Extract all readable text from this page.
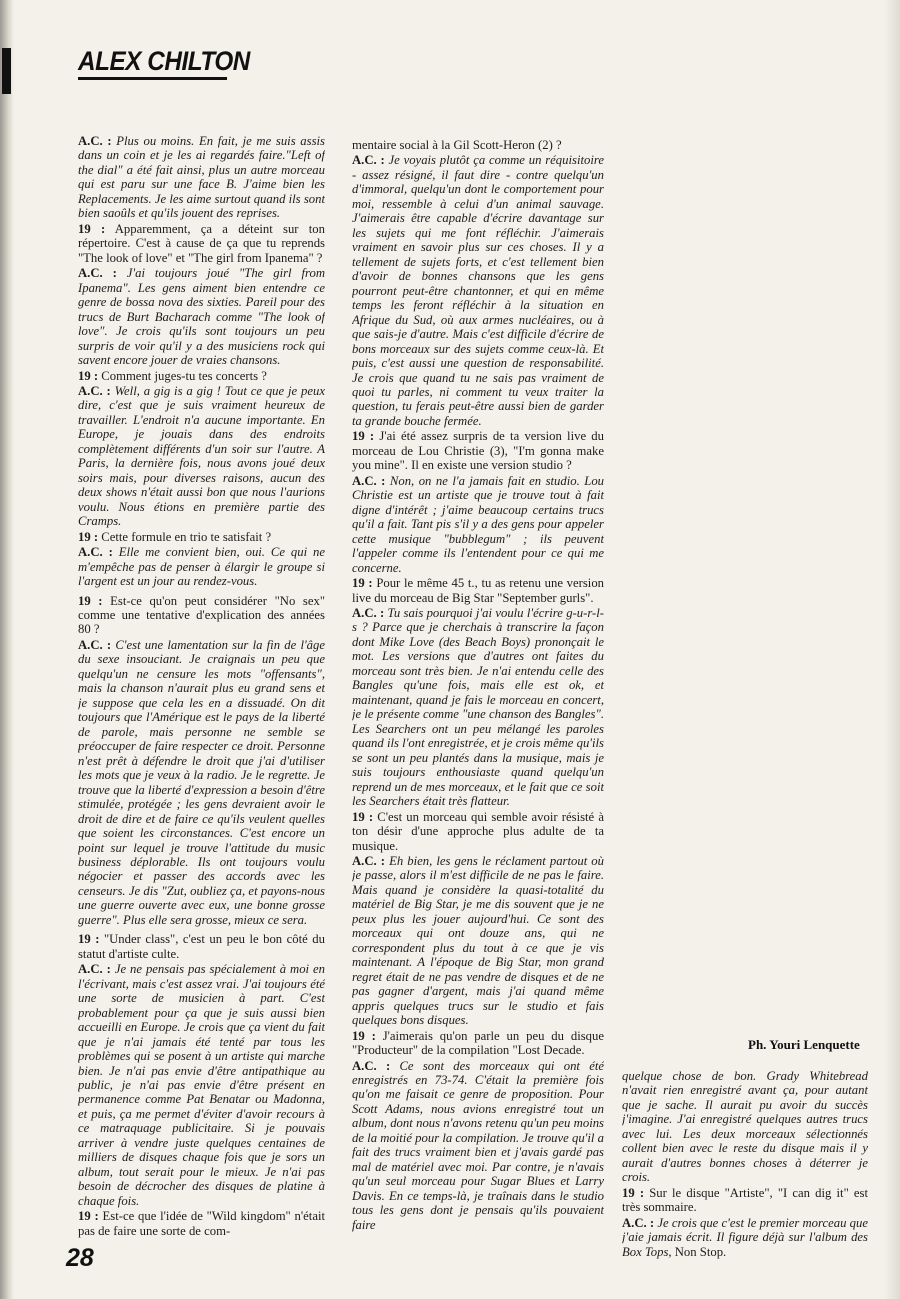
ALEX CHILTON

A.C. : Plus ou moins. En fait, je me suis assis dans un coin et je les ai regardés faire."Left of the dial" a été fait ainsi, plus un autre morceau qui est paru sur une face B. J'aime bien les Replacements. Je les aime surtout quand ils sont bien saoûls et qu'ils jouent des reprises.

19 : Apparemment, ça a déteint sur ton répertoire. C'est à cause de ça que tu reprends "The look of love" et "The girl from Ipanema" ?

A.C. : J'ai toujours joué "The girl from Ipanema". Les gens aiment bien entendre ce genre de bossa nova des sixties. Pareil pour des trucs de Burt Bacharach comme "The look of love". Je crois qu'ils sont toujours un peu surpris de voir qu'il y a des musiciens rock qui savent encore jouer de vraies chansons.

19 : Comment juges-tu tes concerts ?

A.C. : Well, a gig is a gig ! Tout ce que je peux dire, c'est que je suis vraiment heureux de travailler. L'endroit n'a aucune importante. En Europe, je jouais dans des endroits complètement différents d'un soir sur l'autre. A Paris, la dernière fois, nous avons joué deux soirs mais, pour diverses raisons, aucun des deux shows n'était aussi bon que nous l'aurions voulu. Nous étions en première partie des Cramps.

19 : Cette formule en trio te satisfait ?

A.C. : Elle me convient bien, oui. Ce qui ne m'empêche pas de penser à élargir le groupe si l'argent est un jour au rendez-vous.

19 : Est-ce qu'on peut considérer "No sex" comme une tentative d'explication des années 80 ?

A.C. : C'est une lamentation sur la fin de l'âge du sexe insouciant. Je craignais un peu que quelqu'un ne censure les mots "offensants", mais la chanson n'aurait plus eu grand sens et je suppose que cela les en a dissuadé. On dit toujours que l'Amérique est le pays de la liberté de parole, mais personne ne semble se préoccuper de faire respecter ce droit. Personne n'est prêt à défendre le droit que j'ai d'utiliser les mots que je veux à la radio. Je le regrette. Je trouve que la liberté d'expression a besoin d'être stimulée, protégée ; les gens devraient avoir le droit de dire et de faire ce qu'ils veulent quelles que soient les circonstances. C'est encore un point sur lequel je trouve l'attitude du music business déplorable. Ils ont toujours voulu négocier et passer des accords avec les censeurs. Je dis "Zut, oubliez ça, et payons-nous une guerre ouverte avec eux, une bonne grosse guerre". Plus elle sera grosse, mieux ce sera.

19 : "Under class", c'est un peu le bon côté du statut d'artiste culte.

A.C. : Je ne pensais pas spécialement à moi en l'écrivant, mais c'est assez vrai. J'ai toujours été une sorte de musicien à part. C'est probablement pour ça que je suis aussi bien accueilli en Europe. Je crois que ça vient du fait que je n'ai jamais été tenté par tous les problèmes qui se posent à un artiste qui marche bien. Je n'ai pas envie d'être antipathique au public, je n'ai pas envie d'être présent en permanence comme Pat Benatar ou Madonna, et puis, ça me permet d'éviter d'avoir recours à ce matraquage publicitaire. Si je pouvais arriver à vendre juste quelques centaines de milliers de disques chaque fois que je sors un album, tout serait pour le mieux. Je n'ai pas besoin de décrocher des disques de platine à chaque fois.

19 : Est-ce que l'idée de "Wild kingdom" n'était pas de faire une sorte de com-

mentaire social à la Gil Scott-Heron (2) ?

A.C. : Je voyais plutôt ça comme un réquisitoire - assez résigné, il faut dire - contre quelqu'un d'immoral, quelqu'un dont le comportement pour moi, ressemble à celui d'un animal sauvage. J'aimerais être capable d'écrire davantage sur les sujets qui me font réfléchir. J'aimerais vraiment en savoir plus sur ces choses. Il y a tellement de sujets forts, et c'est tellement bien d'avoir de bonnes chansons que les gens pourront peut-être chantonner, et qui en même temps les feront réfléchir à la situation en Afrique du Sud, où aux armes nucléaires, ou à que sais-je d'autre. Mais c'est difficile d'écrire de bons morceaux sur des sujets comme ceux-là. Et puis, c'est aussi une question de responsabilité. Je crois que quand tu ne sais pas vraiment de quoi tu parles, ni comment tu veux traiter la question, tu ferais peut-être aussi bien de garder ta grande bouche fermée.

19 : J'ai été assez surpris de ta version live du morceau de Lou Christie (3), "I'm gonna make you mine". Il en existe une version studio ?

A.C. : Non, on ne l'a jamais fait en studio. Lou Christie est un artiste que je trouve tout à fait digne d'intérêt ; j'aime beaucoup certains trucs qu'il a fait. Tant pis s'il y a des gens pour appeler cette musique "bubblegum" ; ils peuvent l'appeler comme ils l'entendent pour ce qui me concerne.

19 : Pour le même 45 t., tu as retenu une version live du morceau de Big Star "September gurls".

A.C. : Tu sais pourquoi j'ai voulu l'écrire g-u-r-l-s ? Parce que je cherchais à transcrire la façon dont Mike Love (des Beach Boys) prononçait le mot. Les versions que d'autres ont faites du morceau sont très bien. Je n'ai entendu celle des Bangles qu'une fois, mais elle est ok, et maintenant, quand je fais le morceau en concert, je le présente comme "une chanson des Bangles". Les Searchers ont un peu mélangé les paroles quand ils l'ont enregistrée, et je crois même qu'ils se sont un peu plantés dans la musique, mais je suis toujours enthousiaste quand quelqu'un reprend un de mes morceaux, et le fait que ce soit les Searchers était très flatteur.

19 : C'est un morceau qui semble avoir résisté à ton désir d'une approche plus adulte de ta musique.

A.C. : Eh bien, les gens le réclament partout où je passe, alors il m'est difficile de ne pas le faire. Mais quand je considère la quasi-totalité du matériel de Big Star, je me dis souvent que je ne peux plus les jouer aujourd'hui. Ce sont des morceaux qui ont douze ans, qui ne correspondent plus du tout à ce que je vis maintenant. A l'époque de Big Star, mon grand regret était de ne pas vendre de disques et de ne pas gagner d'argent, mais j'ai quand même appris quelques trucs sur le studio et fais quelques bons disques.

19 : J'aimerais qu'on parle un peu du disque "Producteur" de la compilation "Lost Decade.

A.C. : Ce sont des morceaux qui ont été enregistrés en 73-74. C'était la première fois qu'on me faisait ce genre de proposition. Pour Scott Adams, nous avions enregistré tout un album, dont nous n'avons retenu qu'un peu moins de la moitié pour la compilation. Je trouve qu'il a fait des trucs vraiment bien et j'avais gardé pas mal de matériel avec moi. Par contre, je n'avais qu'un seul morceau pour Sugar Blues et Larry Davis. En ce temps-là, je traînais dans le studio tous les gens dont je pensais qu'ils pouvaient faire

quelque chose de bon. Grady Whitebread n'avait rien enregistré avant ça, pour autant que je sache. Il aurait pu avoir du succès j'imagine. J'ai enregistré quelques autres trucs avec lui. Les deux morceaux sélectionnés collent bien avec le reste du disque mais il y aurait d'autres bonnes choses à déterrer je crois.

19 : Sur le disque "Artiste", "I can dig it" est très sommaire.

A.C. : Je crois que c'est le premier morceau que j'aie jamais écrit. Il figure déjà sur l'album des Box Tops, Non Stop.

Ph. Youri Lenquette

28
